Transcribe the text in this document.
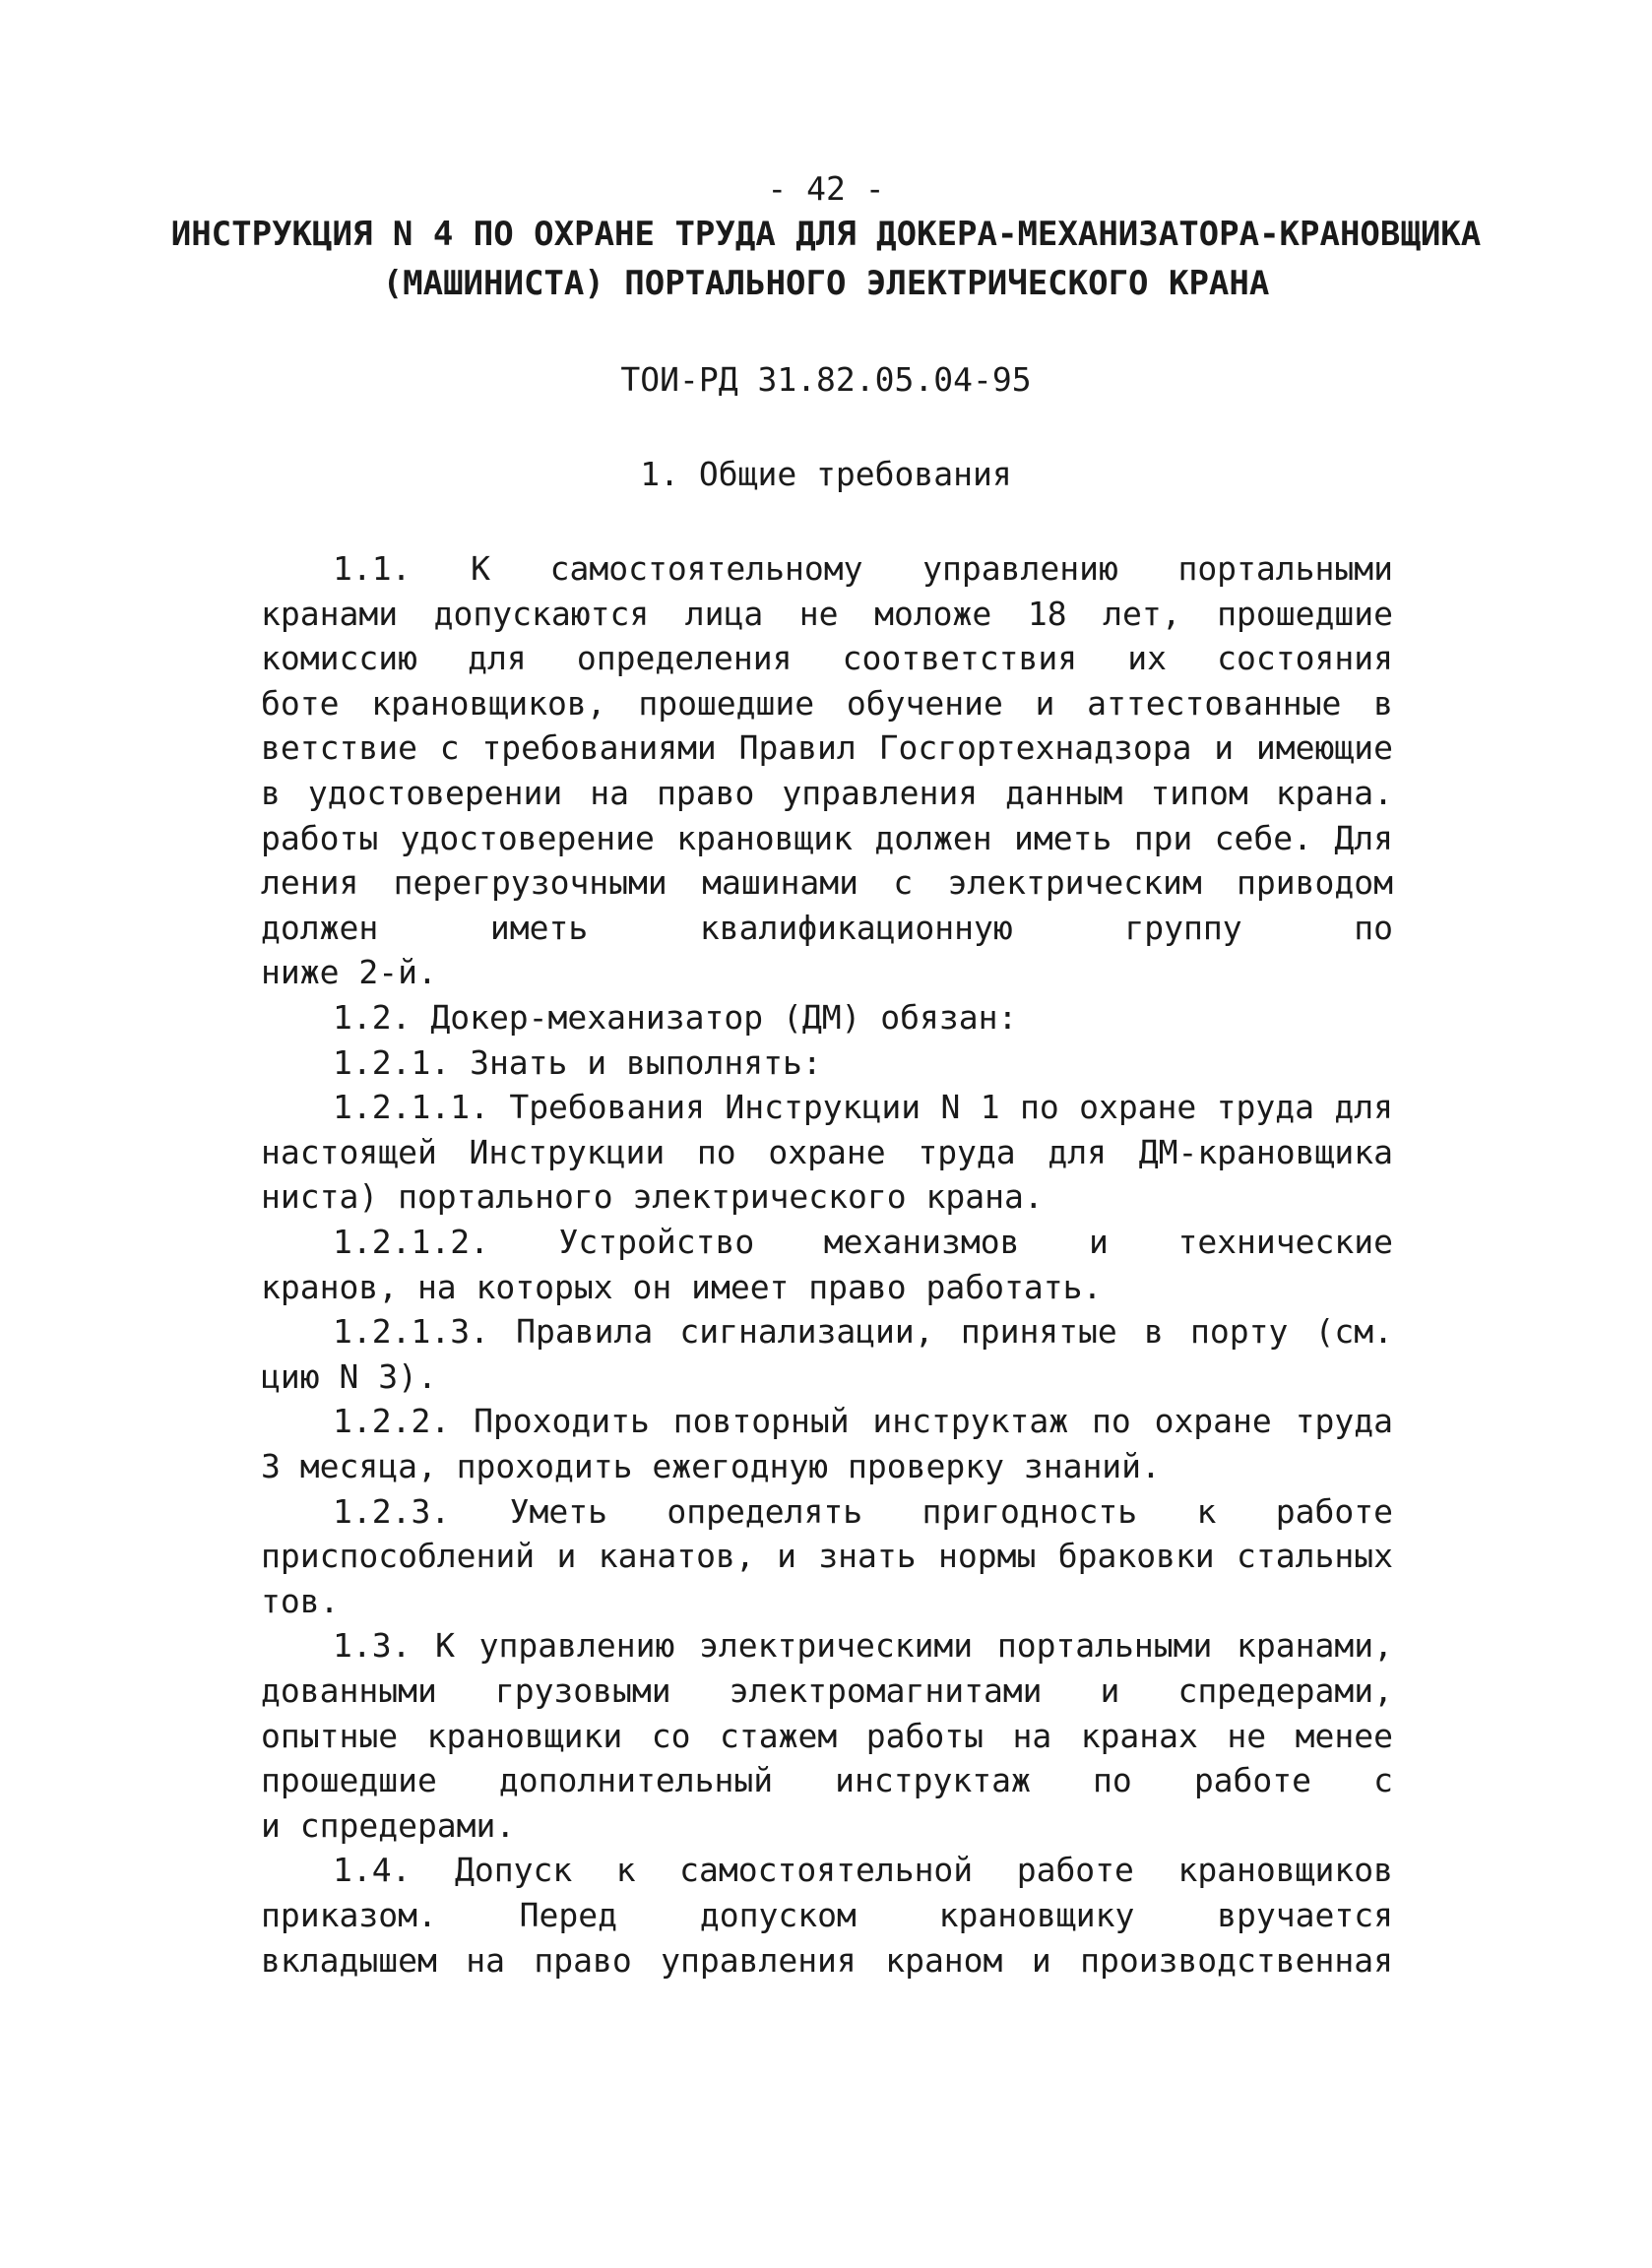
- 42 -
ИНСТРУКЦИЯ N 4 ПО ОХРАНЕ ТРУДА ДЛЯ ДОКЕРА-МЕХАНИЗАТОРА-КРАНОВЩИКА
(МАШИНИСТА) ПОРТАЛЬНОГО ЭЛЕКТРИЧЕСКОГО КРАНА
ТОИ-РД 31.82.05.04-95
1. Общие требования
1.1. К самостоятельному управлению портальными
кранами допускаются лица не моложе 18 лет, прошедшие
комиссию для определения соответствия их состояния
боте крановщиков, прошедшие обучение и аттестованные в
ветствие с требованиями Правил Госгортехнадзора и имеющие
в удостоверении на право управления данным типом крана.
работы удостоверение крановщик должен иметь при себе. Для
ления перегрузочными машинами с электрическим приводом
должен иметь квалификационную группу по
ниже 2-й.
1.2. Докер-механизатор (ДМ) обязан:
1.2.1. Знать и выполнять:
1.2.1.1. Требования Инструкции N 1 по охране труда для
настоящей Инструкции по охране труда для ДМ-крановщика
ниста) портального электрического крана.
1.2.1.2. Устройство механизмов и технические
кранов, на которых он имеет право работать.
1.2.1.3. Правила сигнализации, принятые в порту (см.
цию N 3).
1.2.2. Проходить повторный инструктаж по охране труда
3 месяца, проходить ежегодную проверку знаний.
1.2.3. Уметь определять пригодность к работе
приспособлений и канатов, и знать нормы браковки стальных
тов.
1.3. К управлению электрическими портальными кранами,
дованными грузовыми электромагнитами и спредерами,
опытные крановщики со стажем работы на кранах не менее
прошедшие дополнительный инструктаж по работе с
и спредерами.
1.4. Допуск к самостоятельной работе крановщиков
приказом. Перед допуском крановщику вручается
вкладышем на право управления краном и производственная
